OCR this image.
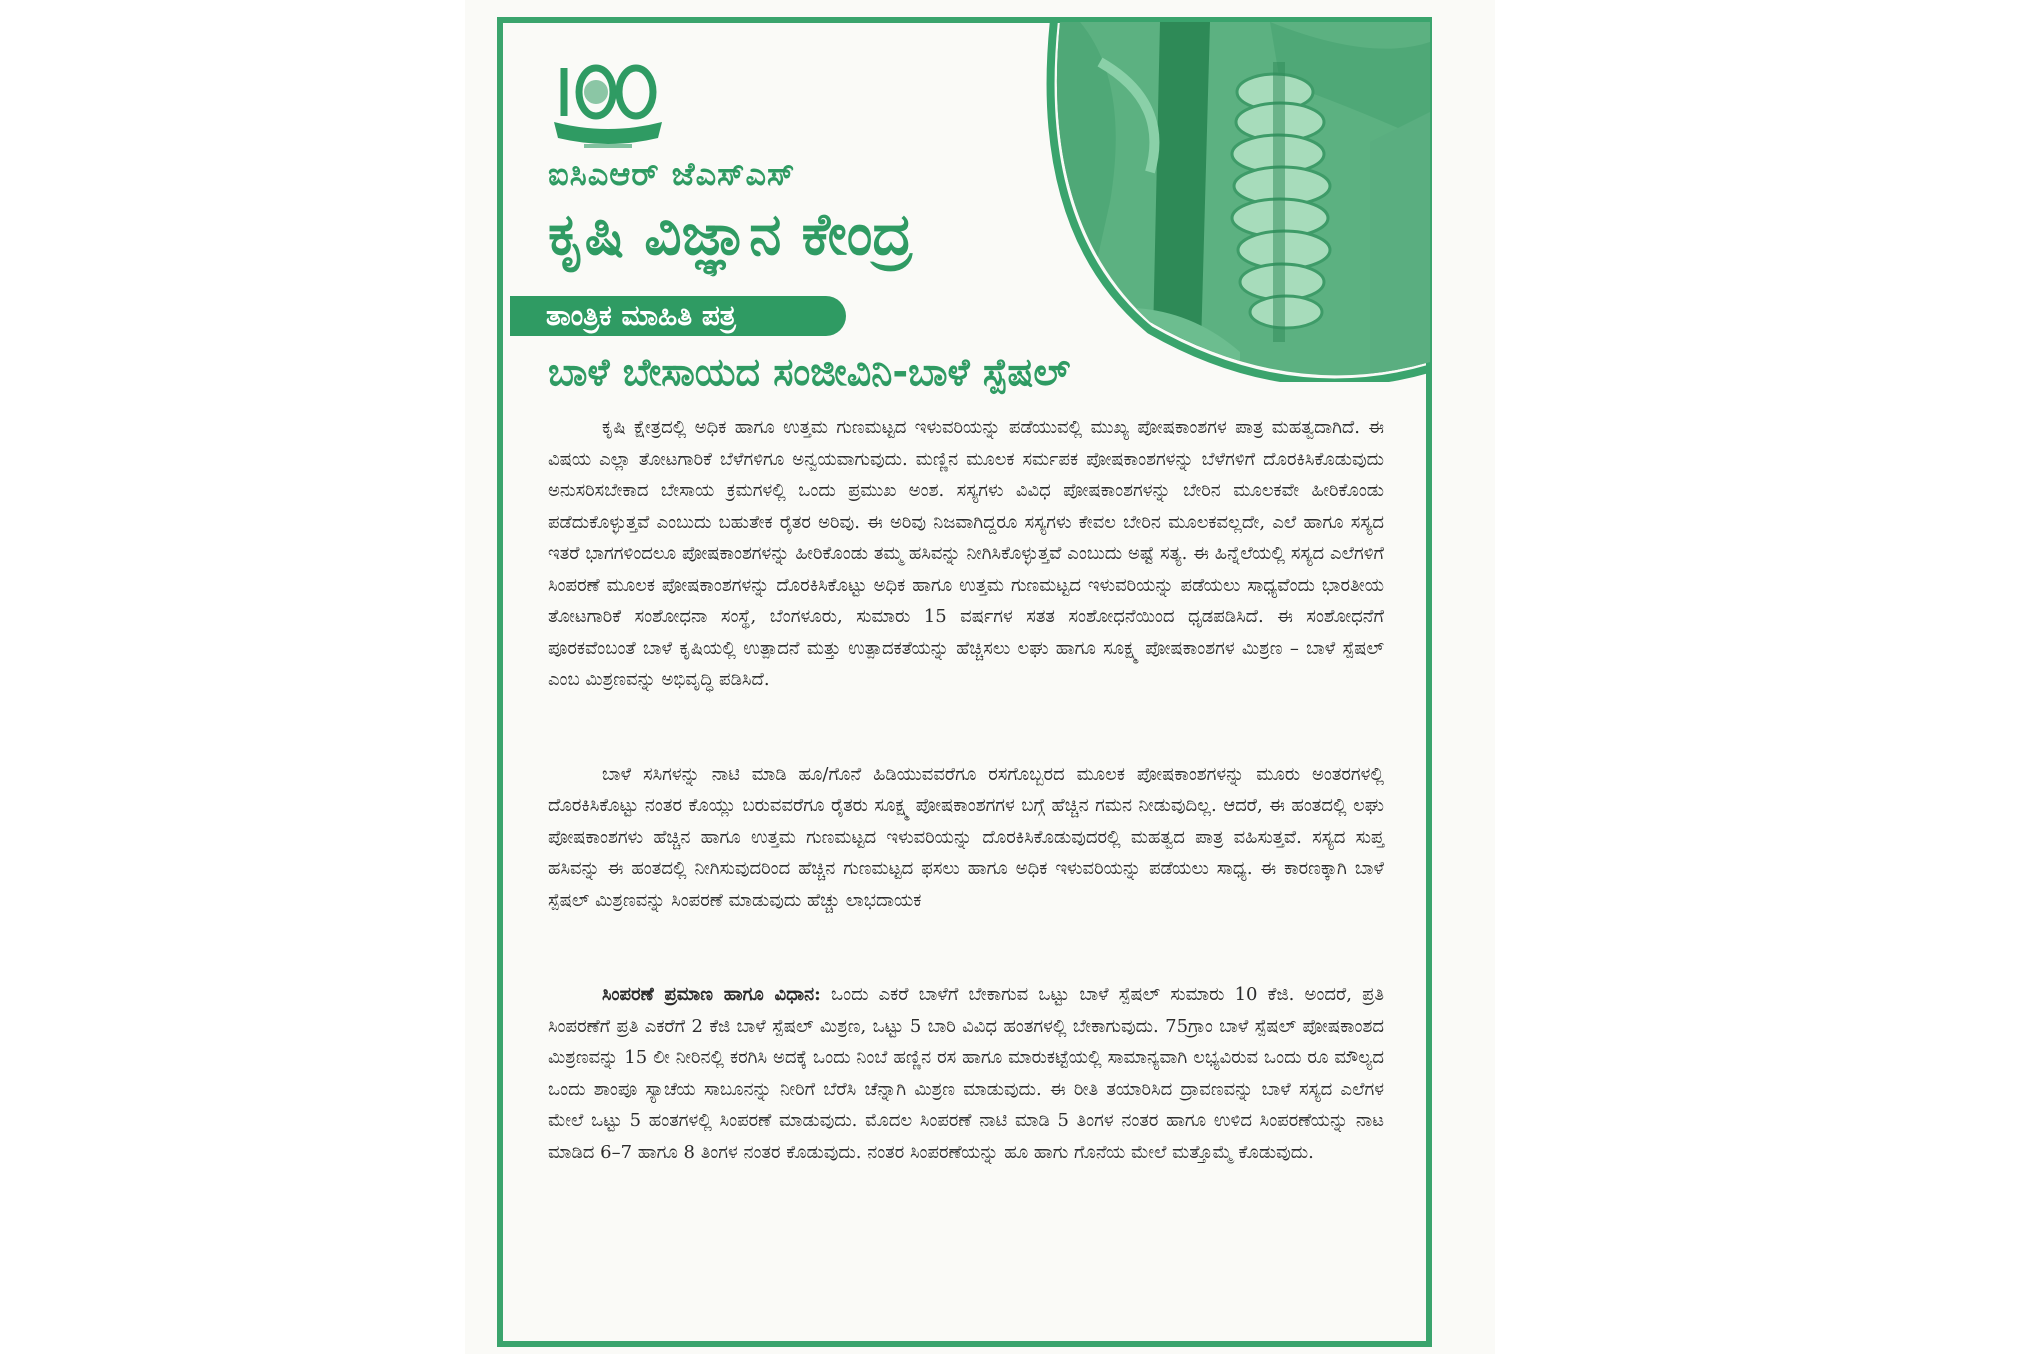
ಐಸಿಎಆರ್ ಜೆಎಸ್ಎಸ್
ಕೃಷಿ ವಿಜ್ಞಾನ ಕೇಂದ್ರ
ತಾಂತ್ರಿಕ ಮಾಹಿತಿ ಪತ್ರ
ಬಾಳೆ ಬೇಸಾಯದ ಸಂಜೀವಿನಿ-ಬಾಳೆ ಸ್ಪೆಷಲ್

ಕೃಷಿ ಕ್ಷೇತ್ರದಲ್ಲಿ ಅಧಿಕ ಹಾಗೂ ಉತ್ತಮ ಗುಣಮಟ್ಟದ ಇಳುವರಿಯನ್ನು ಪಡೆಯುವಲ್ಲಿ ಮುಖ್ಯ ಪೋಷಕಾಂಶಗಳ ಪಾತ್ರ ಮಹತ್ವದಾಗಿದೆ. ಈ ವಿಷಯ ಎಲ್ಲಾ ತೋಟಗಾರಿಕೆ ಬೆಳೆಗಳಿಗೂ ಅನ್ವಯವಾಗುವುದು. ಮಣ್ಣಿನ ಮೂಲಕ ಸರ್ಮಪಕ ಪೋಷಕಾಂಶಗಳನ್ನು ಬೆಳೆಗಳಿಗೆ ದೊರಕಿಸಿಕೊಡುವುದು ಅನುಸರಿಸಬೇಕಾದ ಬೇಸಾಯ ಕ್ರಮಗಳಲ್ಲಿ ಒಂದು ಪ್ರಮುಖ ಅಂಶ. ಸಸ್ಯಗಳು ವಿವಿಧ ಪೋಷಕಾಂಶಗಳನ್ನು ಬೇರಿನ ಮೂಲಕವೇ ಹೀರಿಕೊಂಡು ಪಡೆದುಕೊಳ್ಳುತ್ತವೆ ಎಂಬುದು ಬಹುತೇಕ ರೈತರ ಅರಿವು. ಈ ಅರಿವು ನಿಜವಾಗಿದ್ದರೂ ಸಸ್ಯಗಳು ಕೇವಲ ಬೇರಿನ ಮೂಲಕವಲ್ಲದೇ, ಎಲೆ ಹಾಗೂ ಸಸ್ಯದ ಇತರೆ ಭಾಗಗಳಿಂದಲೂ ಪೋಷಕಾಂಶಗಳನ್ನು ಹೀರಿಕೊಂಡು ತಮ್ಮ ಹಸಿವನ್ನು ನೀಗಿಸಿಕೊಳ್ಳುತ್ತವೆ ಎಂಬುದು ಅಷ್ಟೆ ಸತ್ಯ. ಈ ಹಿನ್ನೆಲೆಯಲ್ಲಿ ಸಸ್ಯದ ಎಲೆಗಳಿಗೆ ಸಿಂಪರಣೆ ಮೂಲಕ ಪೋಷಕಾಂಶಗಳನ್ನು ದೊರಕಿಸಿಕೊಟ್ಟು ಅಧಿಕ ಹಾಗೂ ಉತ್ತಮ ಗುಣಮಟ್ಟದ ಇಳುವರಿಯನ್ನು ಪಡೆಯಲು ಸಾಧ್ಯವೆಂದು ಭಾರತೀಯ ತೋಟಗಾರಿಕೆ ಸಂಶೋಧನಾ ಸಂಸ್ಥೆ, ಬೆಂಗಳೂರು, ಸುಮಾರು 15 ವರ್ಷಗಳ ಸತತ ಸಂಶೋಧನೆಯಿಂದ ಧೃಡಪಡಿಸಿದೆ. ಈ ಸಂಶೋಧನೆಗೆ ಪೂರಕವೆಂಬಂತೆ ಬಾಳೆ ಕೃಷಿಯಲ್ಲಿ ಉತ್ಪಾದನೆ ಮತ್ತು ಉತ್ಪಾದಕತೆಯನ್ನು ಹೆಚ್ಚಿಸಲು ಲಘು ಹಾಗೂ ಸೂಕ್ಷ್ಮ ಪೋಷಕಾಂಶಗಳ ಮಿಶ್ರಣ – ಬಾಳೆ ಸ್ಪೆಷಲ್ ಎಂಬ ಮಿಶ್ರಣವನ್ನು ಅಭಿವೃದ್ಧಿ ಪಡಿಸಿದೆ.

ಬಾಳೆ ಸಸಿಗಳನ್ನು ನಾಟಿ ಮಾಡಿ ಹೂ/ಗೊನೆ ಹಿಡಿಯುವವರೆಗೂ ರಸಗೊಬ್ಬರದ ಮೂಲಕ ಪೋಷಕಾಂಶಗಳನ್ನು ಮೂರು ಅಂತರಗಳಲ್ಲಿ ದೊರಕಿಸಿಕೊಟ್ಟು ನಂತರ ಕೊಯ್ಲು ಬರುವವರೆಗೂ ರೈತರು ಸೂಕ್ಷ್ಮ ಪೋಷಕಾಂಶಗಗಳ ಬಗ್ಗೆ ಹೆಚ್ಚಿನ ಗಮನ ನೀಡುವುದಿಲ್ಲ. ಆದರೆ, ಈ ಹಂತದಲ್ಲಿ ಲಘು ಪೋಷಕಾಂಶಗಳು ಹೆಚ್ಚಿನ ಹಾಗೂ ಉತ್ತಮ ಗುಣಮಟ್ಟದ ಇಳುವರಿಯನ್ನು ದೊರಕಿಸಿಕೊಡುವುದರಲ್ಲಿ ಮಹತ್ವದ ಪಾತ್ರ ವಹಿಸುತ್ತವೆ. ಸಸ್ಯದ ಸುಪ್ತ ಹಸಿವನ್ನು ಈ ಹಂತದಲ್ಲಿ ನೀಗಿಸುವುದರಿಂದ ಹೆಚ್ಚಿನ ಗುಣಮಟ್ಟದ ಫಸಲು ಹಾಗೂ ಅಧಿಕ ಇಳುವರಿಯನ್ನು ಪಡೆಯಲು ಸಾಧ್ಯ. ಈ ಕಾರಣಕ್ಕಾಗಿ ಬಾಳೆ ಸ್ಪೆಷಲ್ ಮಿಶ್ರಣವನ್ನು ಸಿಂಪರಣೆ ಮಾಡುವುದು ಹೆಚ್ಚು ಲಾಭದಾಯಕ

ಸಿಂಪರಣೆ ಪ್ರಮಾಣ ಹಾಗೂ ವಿಧಾನ: ಒಂದು ಎಕರೆ ಬಾಳೆಗೆ ಬೇಕಾಗುವ ಒಟ್ಟು ಬಾಳೆ ಸ್ಪೆಷಲ್ ಸುಮಾರು 10 ಕೆಜಿ. ಅಂದರೆ, ಪ್ರತಿ ಸಿಂಪರಣೆಗೆ ಪ್ರತಿ ಎಕರೆಗೆ 2 ಕೆಜಿ ಬಾಳೆ ಸ್ಪೆಷಲ್ ಮಿಶ್ರಣ, ಒಟ್ಟು 5 ಬಾರಿ ವಿವಿಧ ಹಂತಗಳಲ್ಲಿ ಬೇಕಾಗುವುದು. 75ಗ್ರಾಂ ಬಾಳೆ ಸ್ಪೆಷಲ್ ಪೋಷಕಾಂಶದ ಮಿಶ್ರಣವನ್ನು 15 ಲೀ ನೀರಿನಲ್ಲಿ ಕರಗಿಸಿ ಅದಕ್ಕೆ ಒಂದು ನಿಂಬೆ ಹಣ್ಣಿನ ರಸ ಹಾಗೂ ಮಾರುಕಟ್ಟೆಯಲ್ಲಿ ಸಾಮಾನ್ಯವಾಗಿ ಲಭ್ಯವಿರುವ ಒಂದು ರೂ ಮೌಲ್ಯದ ಒಂದು ಶಾಂಪೂ ಸ್ಯಾಚೆಯ ಸಾಬೂನನ್ನು ನೀರಿಗೆ ಬೆರೆಸಿ ಚೆನ್ನಾಗಿ ಮಿಶ್ರಣ ಮಾಡುವುದು. ಈ ರೀತಿ ತಯಾರಿಸಿದ ದ್ರಾವಣವನ್ನು ಬಾಳೆ ಸಸ್ಯದ ಎಲೆಗಳ ಮೇಲೆ ಒಟ್ಟು 5 ಹಂತಗಳಲ್ಲಿ ಸಿಂಪರಣೆ ಮಾಡುವುದು. ಮೊದಲ ಸಿಂಪರಣೆ ನಾಟಿ ಮಾಡಿ 5 ತಿಂಗಳ ನಂತರ ಹಾಗೂ ಉಳಿದ ಸಿಂಪರಣೆಯನ್ನು ನಾಟ ಮಾಡಿದ 6–7 ಹಾಗೂ 8 ತಿಂಗಳ ನಂತರ ಕೊಡುವುದು. ನಂತರ ಸಿಂಪರಣೆಯನ್ನು ಹೂ ಹಾಗು ಗೊನೆಯ ಮೇಲೆ ಮತ್ತೊಮ್ಮೆ ಕೊಡುವುದು.
